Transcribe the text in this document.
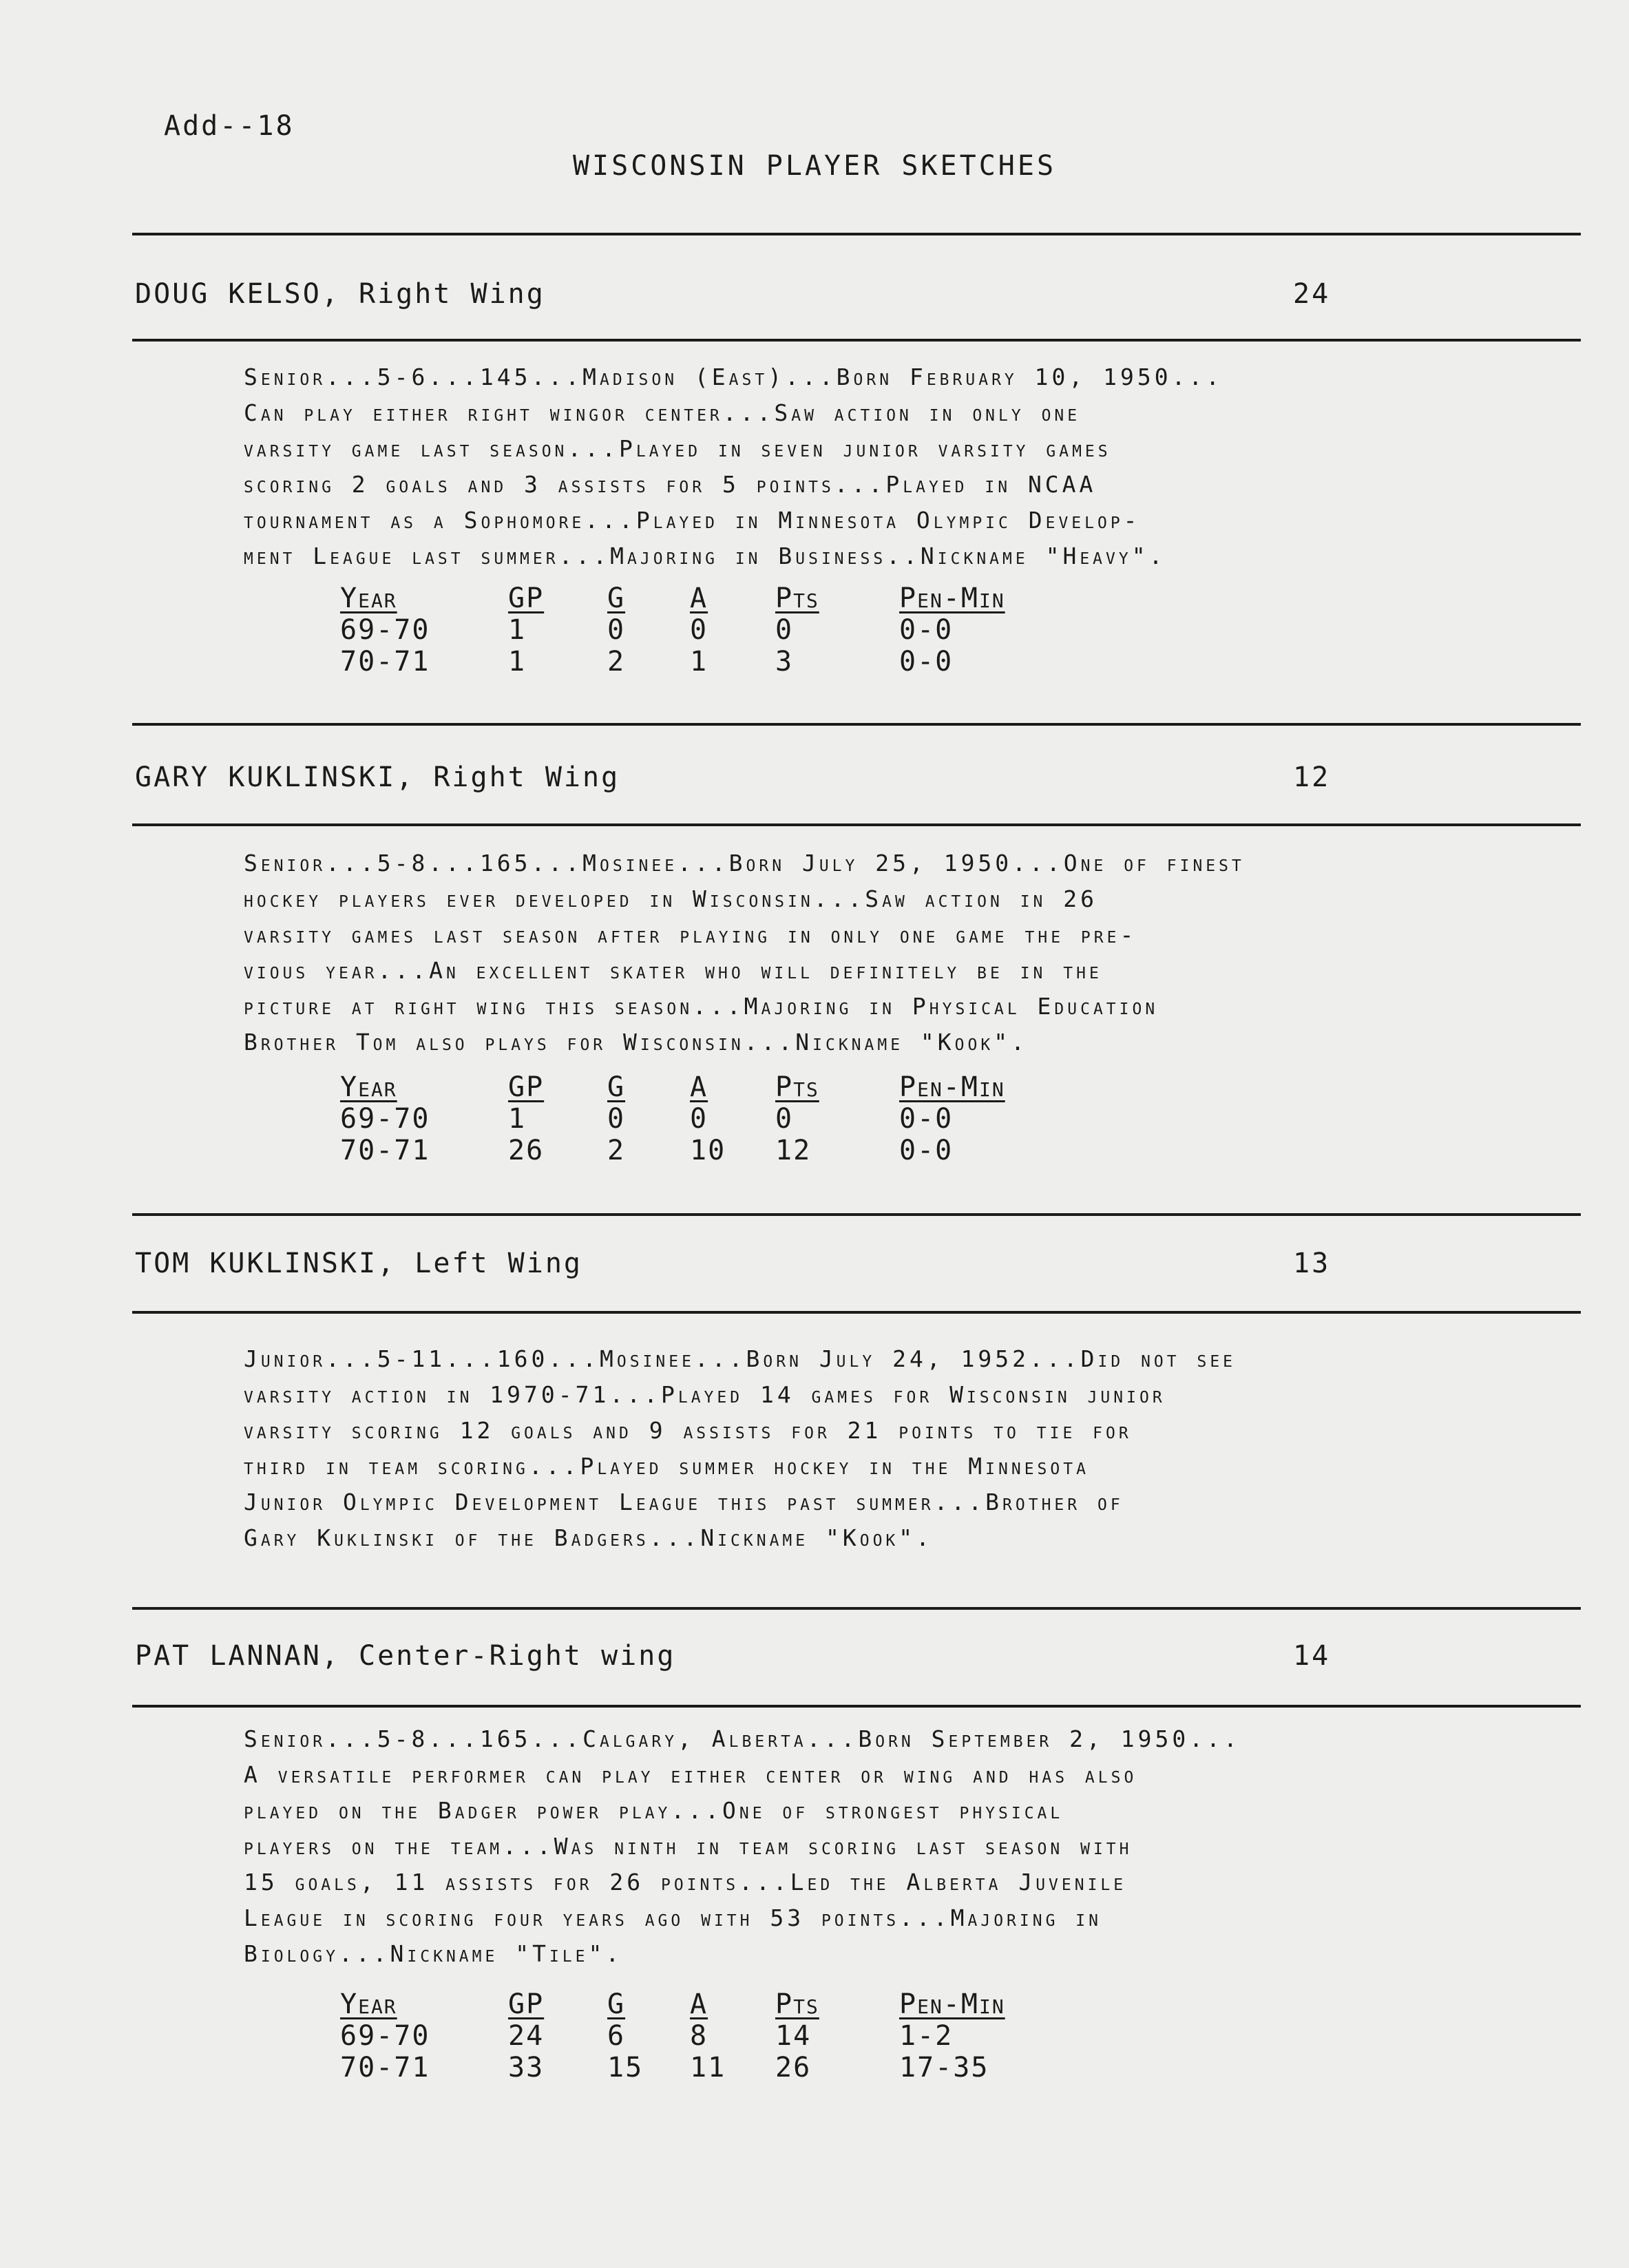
Add--18
WISCONSIN PLAYER SKETCHES
DOUG KELSO, Right Wing	24
Senior...5-6...145...Madison (East)...Born February 10, 1950...
Can play either right wingor center...Saw action in only one
varsity game last season...Played in seven junior varsity games
scoring 2 goals and 3 assists for 5 points...Played in NCAA
tournament as a Sophomore...Played in Minnesota Olympic Develop-
ment League last summer...Majoring in Business..Nickname "Heavy".
Year	GP G A Pts	Pen-Min
69-70	1	0 0 0	0-0
70-71	1	2 1 3	0-0
GARY KUKLINSKI, Right Wing	12
Senior...5-8...165...Mosinee...Born July 25, 1950...One of finest
hockey players ever developed in Wisconsin...Saw action in 26
varsity games last season after playing in only one game the pre-
vious year...An excellent skater who will definitely be in the
picture at right wing this season...Majoring in Physical Education
Brother Tom also plays for Wisconsin...Nickname "Kook".
Year	GP G A Pts	Pen-Min
69-70	1	0 0 0	0-0
70-71	26 2 10 12	0-0
TOM KUKLINSKI, Left Wing	13
Junior...5-11...160...Mosinee...Born July 24, 1952...Did not see
varsity action in 1970-71...Played 14 games for Wisconsin junior
varsity scoring 12 goals and 9 assists for 21 points to tie for
third in team scoring...Played summer hockey in the Minnesota
Junior Olympic Development League this past summer...Brother of
Gary Kuklinski of the Badgers...Nickname "Kook".
PAT LANNAN, Center-Right wing	14
Senior...5-8...165...Calgary, Alberta...Born September 2, 1950...
A versatile performer can play either center or wing and has also
played on the Badger power play...One of strongest physical
players on the team...Was ninth in team scoring last season with
15 goals, 11 assists for 26 points...Led the Alberta Juvenile
League in scoring four years ago with 53 points...Majoring in
Biology...Nickname "Tile".
Year	GP G A Pts	Pen-Min
69-70	24 6 8 14	1-2
70-71	33 15 11 26	17-35
